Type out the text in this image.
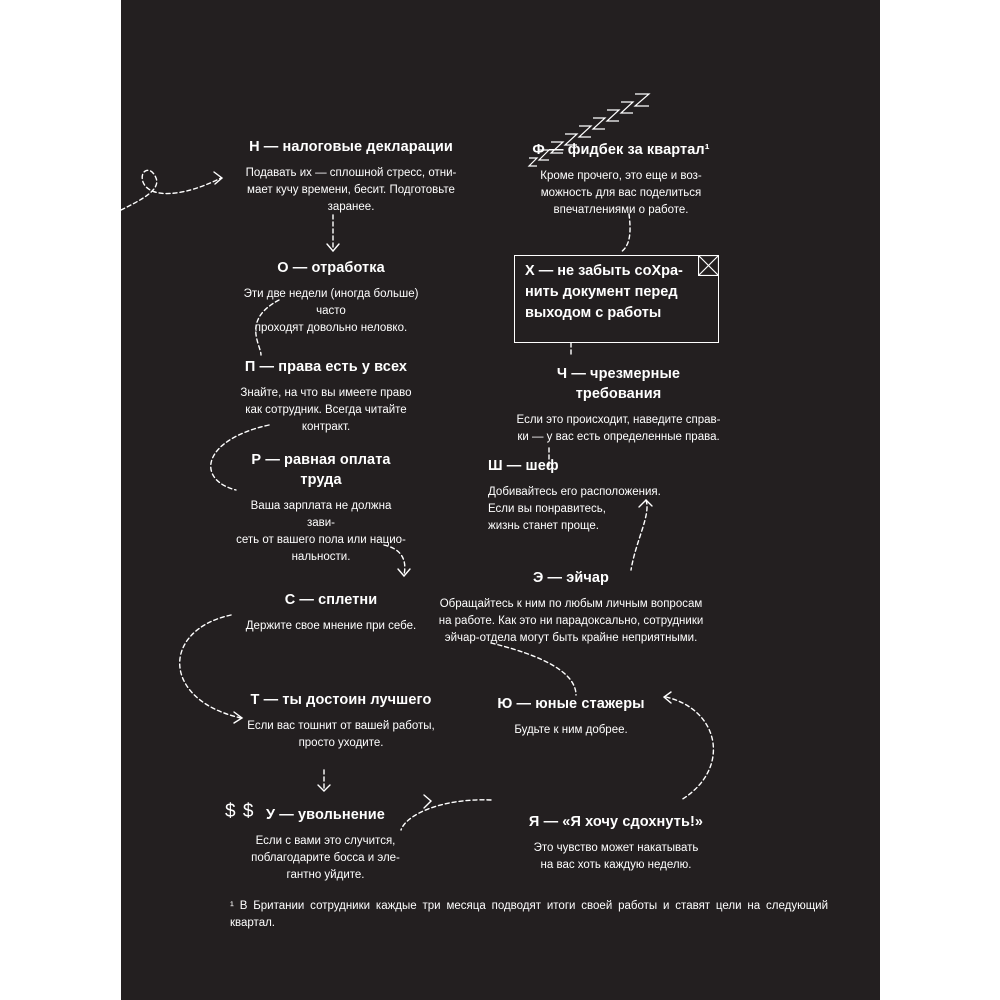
Н — налоговые декларации
Подавать их — сплошной стресс, отни-
мает кучу времени, бесит. Подготовьте
заранее.
О — отработка
Эти две недели (иногда больше) часто
проходят довольно неловко.
П — права есть у всех
Знайте, на что вы имеете право
как сотрудник. Всегда читайте
контракт.
Р — равная оплата
труда
Ваша зарплата не должна зави-
сеть от вашего пола или нацио-
нальности.
С — сплетни
Держите свое мнение при себе.
Т — ты достоин лучшего
Если вас тошнит от вашей работы,
просто уходите.
$ $ У — увольнение
Если с вами это случится,
поблагодарите босса и эле-
гантно уйдите.
Ф — фидбек за квартал¹
Кроме прочего, это еще и воз-
можность для вас поделиться
впечатлениями о работе.
Х — не забыть соХра-
нить документ перед
выходом с работы
Ч — чрезмерные
требования
Если это происходит, наведите справ-
ки — у вас есть определенные права.
Ш — шеф
Добивайтесь его расположения.
Если вы понравитесь,
жизнь станет проще.
Э — эйчар
Обращайтесь к ним по любым личным вопросам
на работе. Как это ни парадоксально, сотрудники
эйчар-отдела могут быть крайне неприятными.
Ю — юные стажеры
Будьте к ним добрее.
Я — «Я хочу сдохнуть!»
Это чувство может накатывать
на вас хоть каждую неделю.
¹ В Британии сотрудники каждые три месяца подводят итоги своей работы и ставят цели на следующий квартал.
